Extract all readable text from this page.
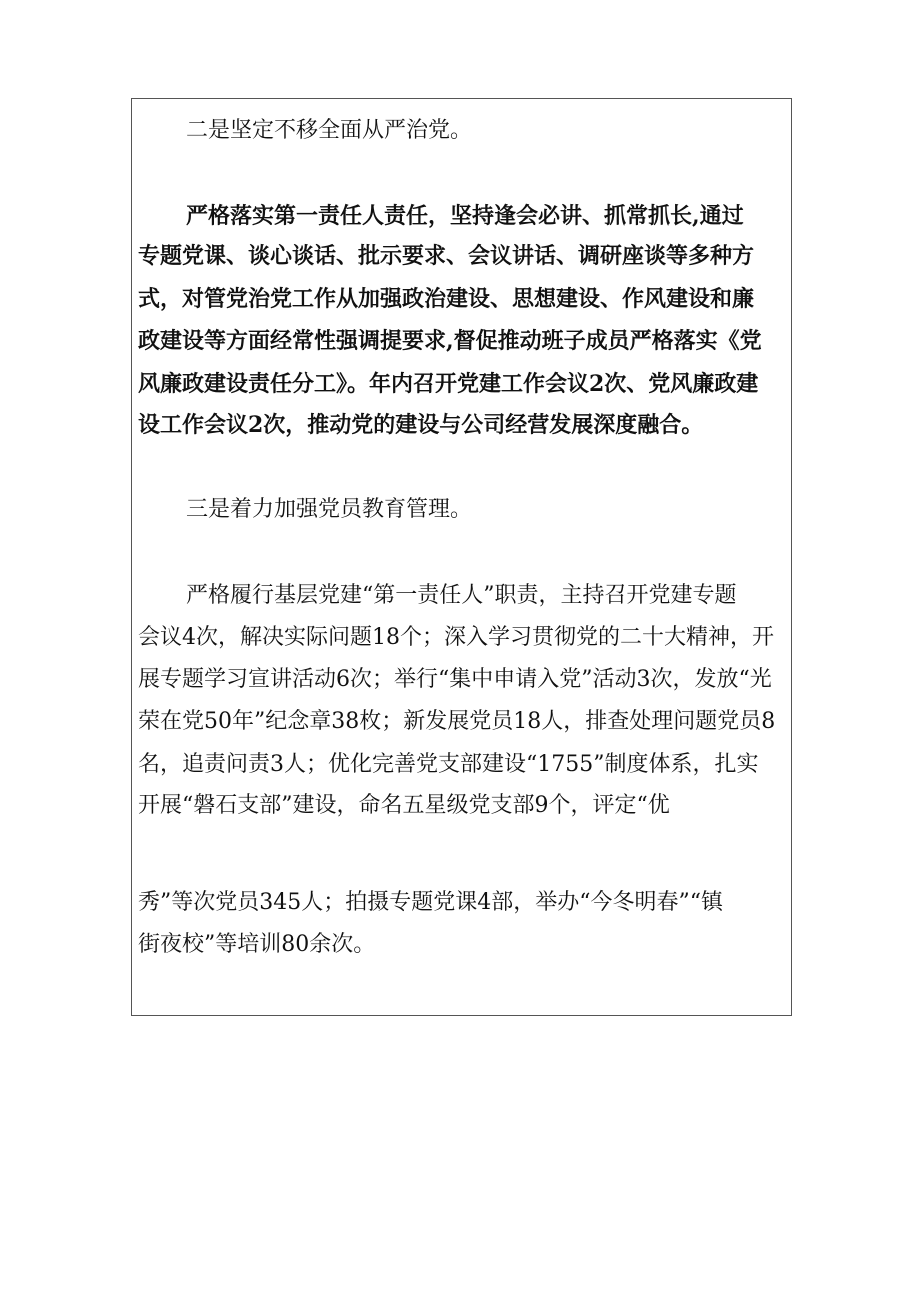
二是坚定不移全面从严治党。
严格落实第一责任人责任，坚持逢会必讲、抓常抓长,通过
专题党课、谈心谈话、批示要求、会议讲话、调研座谈等多种方
式，对管党治党工作从加强政治建设、思想建设、作风建设和廉
政建设等方面经常性强调提要求,督促推动班子成员严格落实《党
风廉政建设责任分工》。年内召开党建工作会议2次、党风廉政建
设工作会议2次，推动党的建设与公司经营发展深度融合。
三是着力加强党员教育管理。
严格履行基层党建“第一责任人”职责，主持召开党建专题
会议4次，解决实际问题18个；深入学习贯彻党的二十大精神，开
展专题学习宣讲活动6次；举行“集中申请入党”活动3次，发放“光
荣在党50年”纪念章38枚；新发展党员18人，排查处理问题党员8
名，追责问责3人；优化完善党支部建设“1755”制度体系，扎实
开展“磐石支部”建设，命名五星级党支部9个，评定“优
秀”等次党员345人；拍摄专题党课4部，举办“今冬明春”“镇
街夜校”等培训80余次。
